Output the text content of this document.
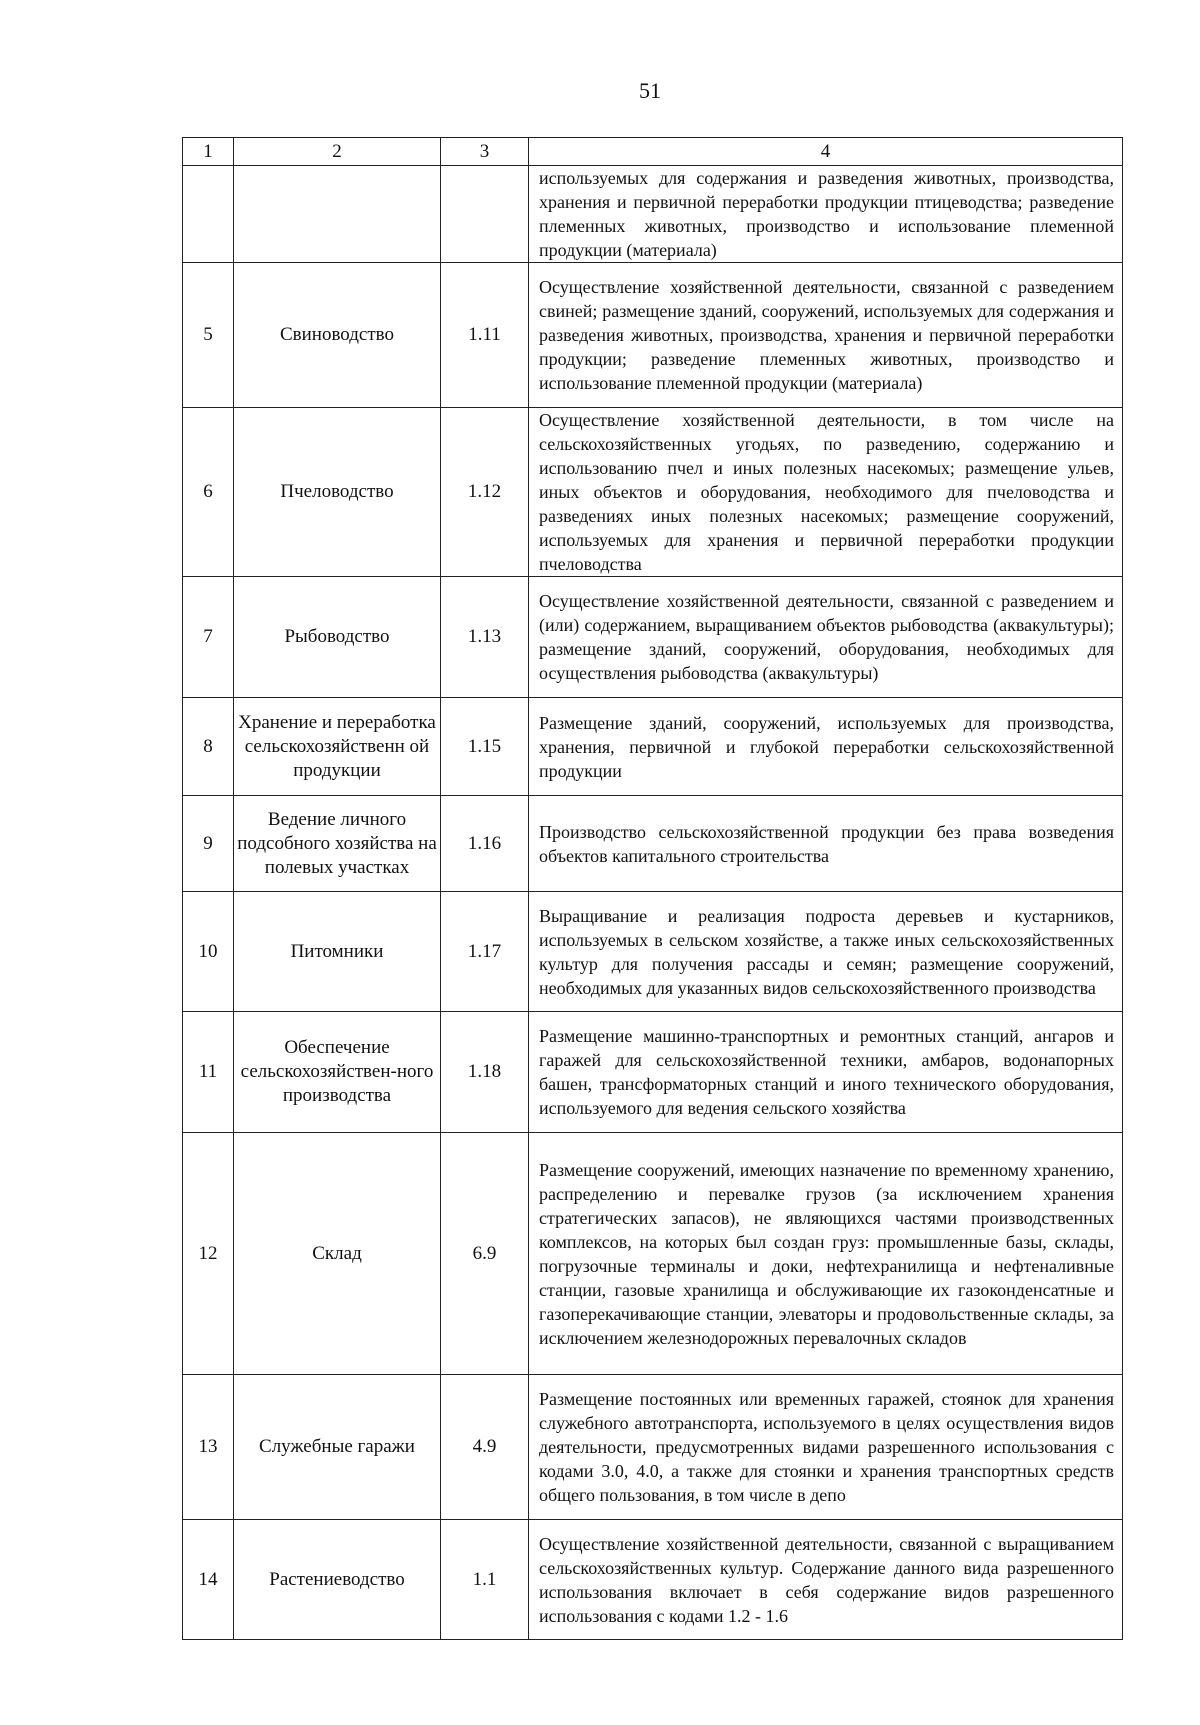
51
1	2	3	4
			используемых для содержания и разведения животных, производства, хранения и первичной переработки продукции птицеводства; разведение племенных животных, производство и использование племенной продукции (материала)
5	Свиноводство	1.11	Осуществление хозяйственной деятельности, связанной с разведением свиней; размещение зданий, сооружений, используемых для содержания и разведения животных, производства, хранения и первичной переработки продукции; разведение племенных животных, производство и использование племенной продукции (материала)
6	Пчеловодство	1.12	Осуществление хозяйственной деятельности, в том числе на сельскохозяйственных угодьях, по разведению, содержанию и использованию пчел и иных полезных насекомых; размещение ульев, иных объектов и оборудования, необходимого для пчеловодства и разведениях иных полезных насекомых; размещение сооружений, используемых для хранения и первичной переработки продукции пчеловодства
7	Рыбоводство	1.13	Осуществление хозяйственной деятельности, связанной с разведением и (или) содержанием, выращиванием объектов рыбоводства (аквакультуры); размещение зданий, сооружений, оборудования, необходимых для осуществления рыбоводства (аквакультуры)
8	Хранение и переработка сельскохозяйственн ой продукции	1.15	Размещение зданий, сооружений, используемых для производства, хранения, первичной и глубокой переработки сельскохозяйственной продукции
9	Ведение личного подсобного хозяйства на полевых участках	1.16	Производство сельскохозяйственной продукции без права возведения объектов капитального строительства
10	Питомники	1.17	Выращивание и реализация подроста деревьев и кустарников, используемых в сельском хозяйстве, а также иных сельскохозяйственных культур для получения рассады и семян; размещение сооружений, необходимых для указанных видов сельскохозяйственного производства
11	Обеспечение сельскохозяйствен-ного производства	1.18	Размещение машинно-транспортных и ремонтных станций, ангаров и гаражей для сельскохозяйственной техники, амбаров, водонапорных башен, трансформаторных станций и иного технического оборудования, используемого для ведения сельского хозяйства
12	Склад	6.9	Размещение сооружений, имеющих назначение по временному хранению, распределению и перевалке грузов (за исключением хранения стратегических запасов), не являющихся частями производственных комплексов, на которых был создан груз: промышленные базы, склады, погрузочные терминалы и доки, нефтехранилища и нефтеналивные станции, газовые хранилища и обслуживающие их газоконденсатные и газоперекачивающие станции, элеваторы и продовольственные склады, за исключением железнодорожных перевалочных складов
13	Служебные гаражи	4.9	Размещение постоянных или временных гаражей, стоянок для хранения служебного автотранспорта, используемого в целях осуществления видов деятельности, предусмотренных видами разрешенного использования с кодами 3.0, 4.0, а также для стоянки и хранения транспортных средств общего пользования, в том числе в депо
14	Растениеводство	1.1	Осуществление хозяйственной деятельности, связанной с выращиванием сельскохозяйственных культур. Содержание данного вида разрешенного использования включает в себя содержание видов разрешенного использования с кодами 1.2 - 1.6
